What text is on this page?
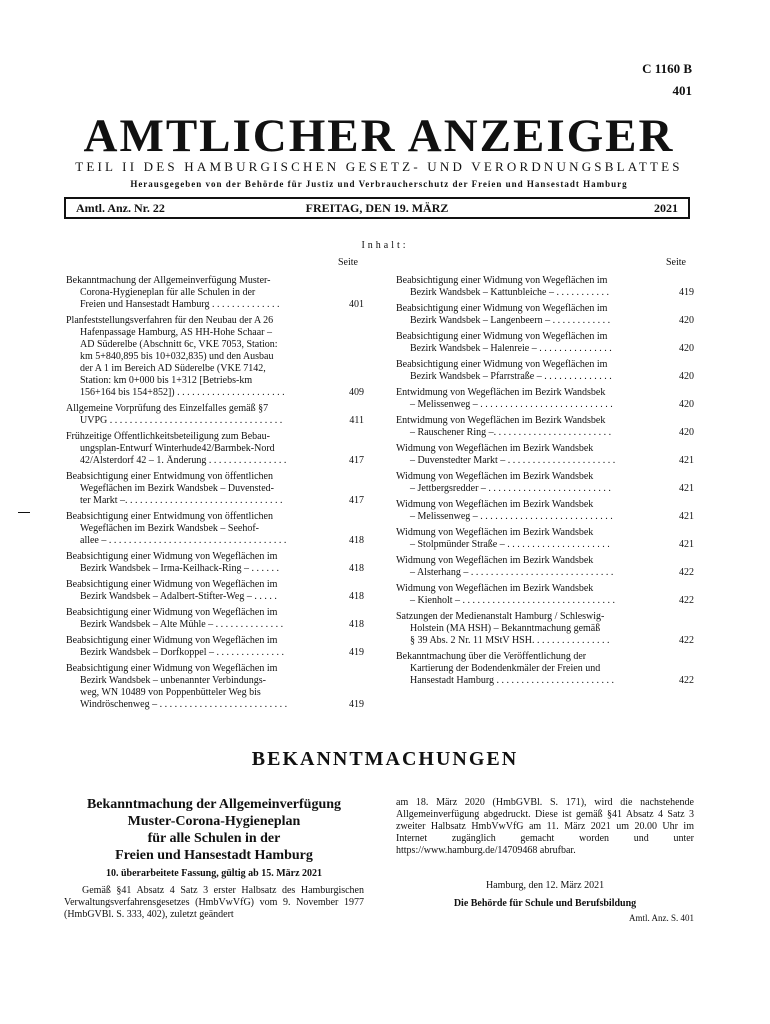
C 1160 B
401
AMTLICHER ANZEIGER
TEIL II DES HAMBURGISCHEN GESETZ- UND VERORDNUNGSBLATTES
Herausgegeben von der Behörde für Justiz und Verbraucherschutz der Freien und Hansestadt Hamburg
Amtl. Anz. Nr. 22	FREITAG, DEN 19. MÄRZ	2021
Inhalt:
Seite	Seite
Bekanntmachung der Allgemeinverfügung Muster-
Corona-Hygieneplan für alle Schulen in der
Freien und Hansestadt Hamburg . . . . . . . . . . . . . .	401
Planfeststellungsverfahren für den Neubau der A 26
Hafenpassage Hamburg, AS HH-Hohe Schaar –
AD Süderelbe (Abschnitt 6c, VKE 7053, Station:
km 5+840,895 bis 10+032,835) und den Ausbau
der A 1 im Bereich AD Süderelbe (VKE 7142,
Station: km 0+000 bis 1+312 [Betriebs-km
156+164 bis 154+852]) . . . . . . . . . . . . . . . . . . . . . .	409
Allgemeine Vorprüfung des Einzelfalles gemäß §7
UVPG . . . . . . . . . . . . . . . . . . . . . . . . . . . . . . . . . . .	411
Frühzeitige Öffentlichkeitsbeteiligung zum Bebau-
ungsplan-Entwurf Winterhude42/Barmbek-Nord
42/Alsterdorf 42 – 1. Änderung . . . . . . . . . . . . . . . .	417
Beabsichtigung einer Entwidmung von öffentlichen
Wegeflächen im Bezirk Wandsbek – Duvensted-
ter Markt –. . . . . . . . . . . . . . . . . . . . . . . . . . . . . . . .	417
Beabsichtigung einer Entwidmung von öffentlichen
Wegeflächen im Bezirk Wandsbek – Seehof-
allee – . . . . . . . . . . . . . . . . . . . . . . . . . . . . . . . . . . . .	418
Beabsichtigung einer Widmung von Wegeflächen im
Bezirk Wandsbek – Irma-Keilhack-Ring – . . . . . .	418
Beabsichtigung einer Widmung von Wegeflächen im
Bezirk Wandsbek – Adalbert-Stifter-Weg – . . . . .	418
Beabsichtigung einer Widmung von Wegeflächen im
Bezirk Wandsbek – Alte Mühle – . . . . . . . . . . . . . .	418
Beabsichtigung einer Widmung von Wegeflächen im
Bezirk Wandsbek – Dorfkoppel – . . . . . . . . . . . . . .	419
Beabsichtigung einer Widmung von Wegeflächen im
Bezirk Wandsbek – unbenannter Verbindungs-
weg, WN 10489 von Poppenbütteler Weg bis
Windröschenweg – . . . . . . . . . . . . . . . . . . . . . . . . . .	419
Beabsichtigung einer Widmung von Wegeflächen im
Bezirk Wandsbek – Kattunbleiche – . . . . . . . . . . .	419
Beabsichtigung einer Widmung von Wegeflächen im
Bezirk Wandsbek – Langenbeern – . . . . . . . . . . . .	420
Beabsichtigung einer Widmung von Wegeflächen im
Bezirk Wandsbek – Halenreie – . . . . . . . . . . . . . . .	420
Beabsichtigung einer Widmung von Wegeflächen im
Bezirk Wandsbek – Pfarrstraße – . . . . . . . . . . . . . .	420
Entwidmung von Wegeflächen im Bezirk Wandsbek
– Melissenweg – . . . . . . . . . . . . . . . . . . . . . . . . . . .	420
Entwidmung von Wegeflächen im Bezirk Wandsbek
– Rauschener Ring –. . . . . . . . . . . . . . . . . . . . . . . .	420
Widmung von Wegeflächen im Bezirk Wandsbek
– Duvenstedter Markt – . . . . . . . . . . . . . . . . . . . . . .	421
Widmung von Wegeflächen im Bezirk Wandsbek
– Jettbergsredder – . . . . . . . . . . . . . . . . . . . . . . . . .	421
Widmung von Wegeflächen im Bezirk Wandsbek
– Melissenweg – . . . . . . . . . . . . . . . . . . . . . . . . . . .	421
Widmung von Wegeflächen im Bezirk Wandsbek
– Stolpmünder Straße – . . . . . . . . . . . . . . . . . . . . .	421
Widmung von Wegeflächen im Bezirk Wandsbek
– Alsterhang – . . . . . . . . . . . . . . . . . . . . . . . . . . . . .	422
Widmung von Wegeflächen im Bezirk Wandsbek
– Kienholt – . . . . . . . . . . . . . . . . . . . . . . . . . . . . . . .	422
Satzungen der Medienanstalt Hamburg / Schleswig-
Holstein (MA HSH) – Bekanntmachung gemäß
§ 39 Abs. 2 Nr. 11 MStV HSH. . . . . . . . . . . . . . . .	422
Bekanntmachung über die Veröffentlichung der
Kartierung der Bodendenkmäler der Freien und
Hansestadt Hamburg . . . . . . . . . . . . . . . . . . . . . . . .	422
BEKANNTMACHUNGEN
Bekanntmachung der Allgemeinverfügung
Muster-Corona-Hygieneplan
für alle Schulen in der
Freien und Hansestadt Hamburg
10. überarbeitete Fassung, gültig ab 15. März 2021
Gemäß §41 Absatz 4 Satz 3 erster Halbsatz des Hamburgischen Verwaltungsverfahrensgesetzes (HmbVwVfG) vom 9. November 1977 (HmbGVBl. S. 333, 402), zuletzt geändert
am 18. März 2020 (HmbGVBl. S. 171), wird die nachstehende Allgemeinverfügung abgedruckt. Diese ist gemäß §41 Absatz 4 Satz 3 zweiter Halbsatz HmbVwVfG am 11. März 2021 um 20.00 Uhr im Internet zugänglich gemacht worden und unter https://www.hamburg.de/14709468 abrufbar.
Hamburg, den 12. März 2021
Die Behörde für Schule und Berufsbildung
Amtl. Anz. S. 401
